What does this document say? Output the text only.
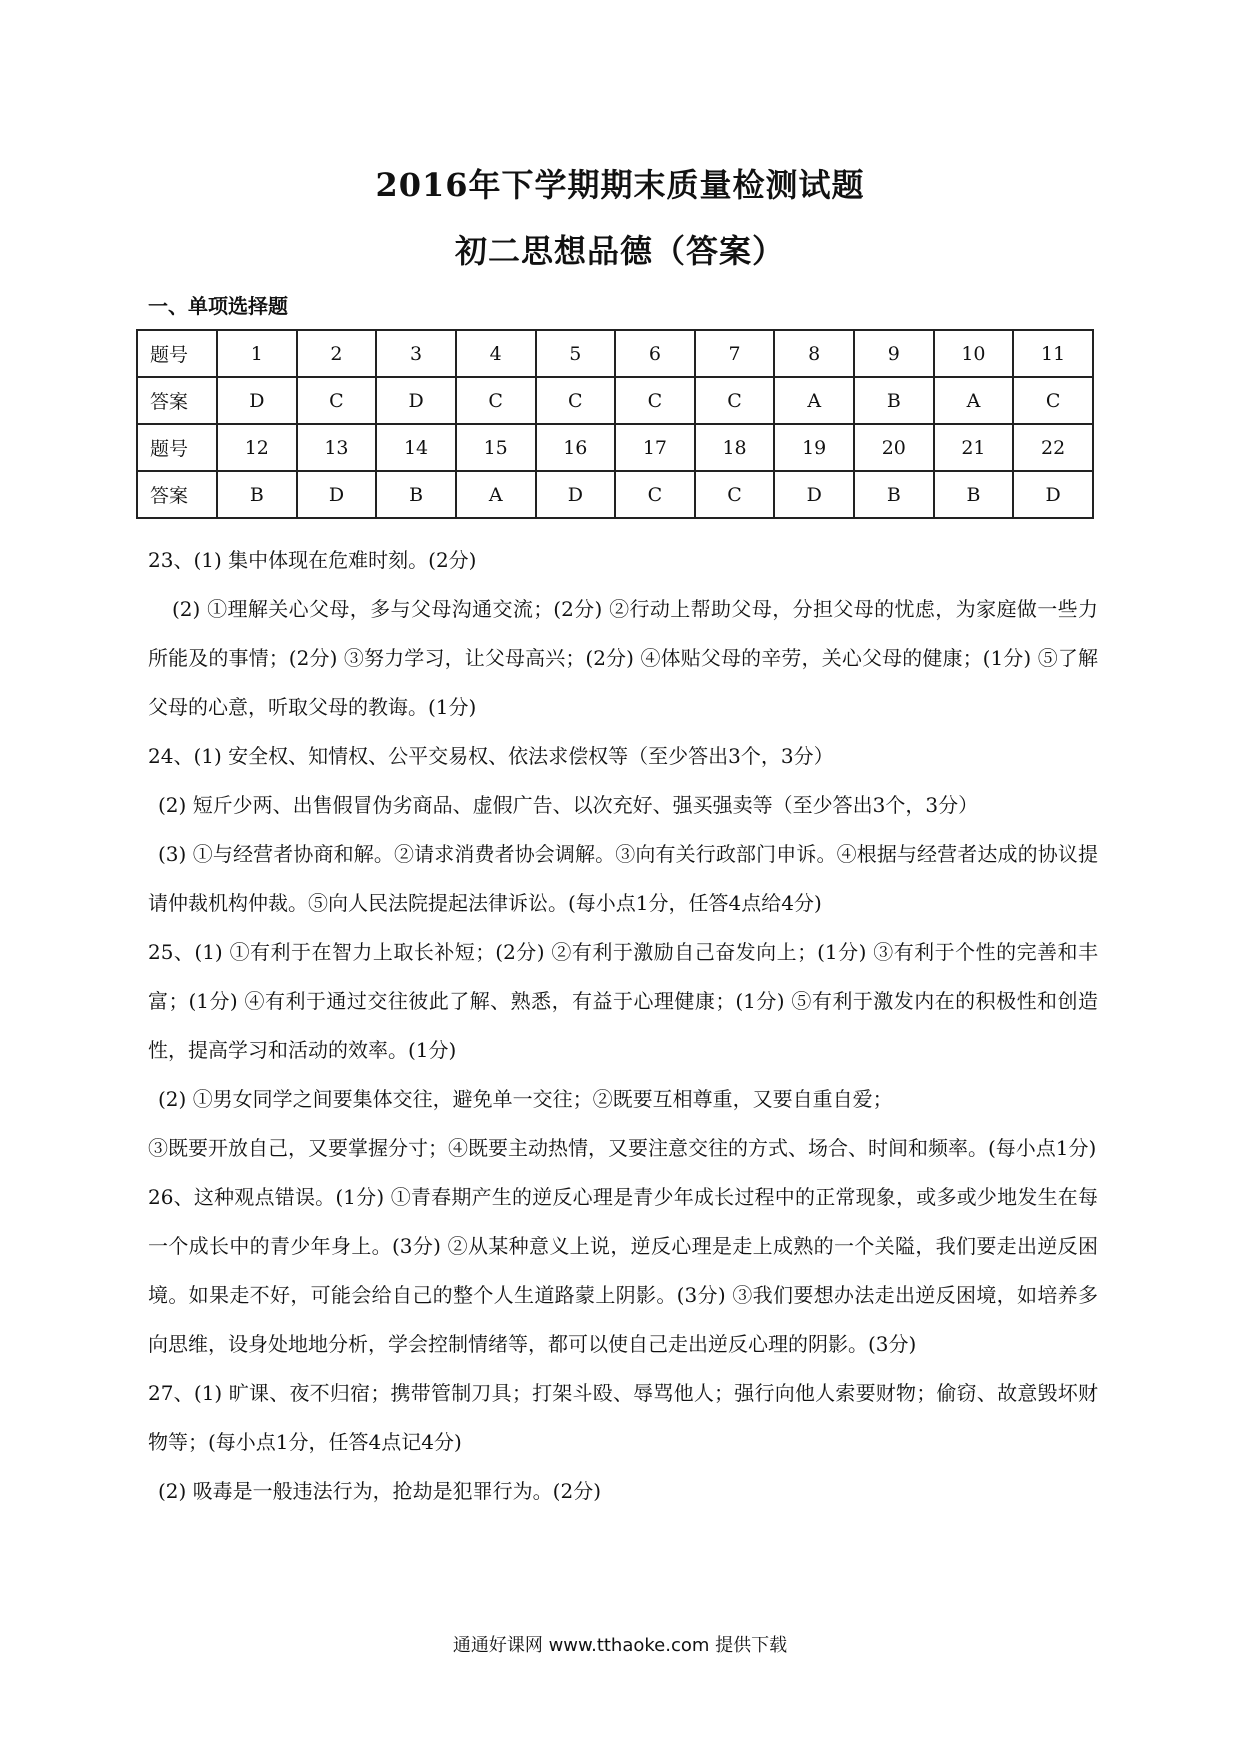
2016年下学期期末质量检测试题
初二思想品德（答案）
一、单项选择题
题号	1	2	3	4	5	6	7	8	9	10	11
答案	D	C	D	C	C	C	C	A	B	A	C
题号	12	13	14	15	16	17	18	19	20	21	22
答案	B	D	B	A	D	C	C	D	B	B	D

23、(1) 集中体现在危难时刻。(2分)

(2) ①理解关心父母，多与父母沟通交流；(2分) ②行动上帮助父母，分担父母的忧虑，为家庭做一些力所能及的事情；(2分) ③努力学习，让父母高兴；(2分) ④体贴父母的辛劳，关心父母的健康；(1分) ⑤了解父母的心意，听取父母的教诲。(1分)

24、(1) 安全权、知情权、公平交易权、依法求偿权等（至少答出3个，3分）

(2) 短斤少两、出售假冒伪劣商品、虚假广告、以次充好、强买强卖等（至少答出3个，3分）

(3) ①与经营者协商和解。②请求消费者协会调解。③向有关行政部门申诉。④根据与经营者达成的协议提请仲裁机构仲裁。⑤向人民法院提起法律诉讼。(每小点1分，任答4点给4分)

25、(1) ①有利于在智力上取长补短；(2分) ②有利于激励自己奋发向上；(1分) ③有利于个性的完善和丰富；(1分) ④有利于通过交往彼此了解、熟悉，有益于心理健康；(1分) ⑤有利于激发内在的积极性和创造性，提高学习和活动的效率。(1分)

(2) ①男女同学之间要集体交往，避免单一交往；②既要互相尊重，又要自重自爱；

③既要开放自己，又要掌握分寸；④既要主动热情，又要注意交往的方式、场合、时间和频率。(每小点1分)

26、这种观点错误。(1分) ①青春期产生的逆反心理是青少年成长过程中的正常现象，或多或少地发生在每一个成长中的青少年身上。(3分) ②从某种意义上说，逆反心理是走上成熟的一个关隘，我们要走出逆反困境。如果走不好，可能会给自己的整个人生道路蒙上阴影。(3分) ③我们要想办法走出逆反困境，如培养多向思维，设身处地地分析，学会控制情绪等，都可以使自己走出逆反心理的阴影。(3分)

27、(1) 旷课、夜不归宿；携带管制刀具；打架斗殴、辱骂他人；强行向他人索要财物；偷窃、故意毁坏财物等；(每小点1分，任答4点记4分)

(2) 吸毒是一般违法行为，抢劫是犯罪行为。(2分)

通通好课网 www.tthaoke.com 提供下载
